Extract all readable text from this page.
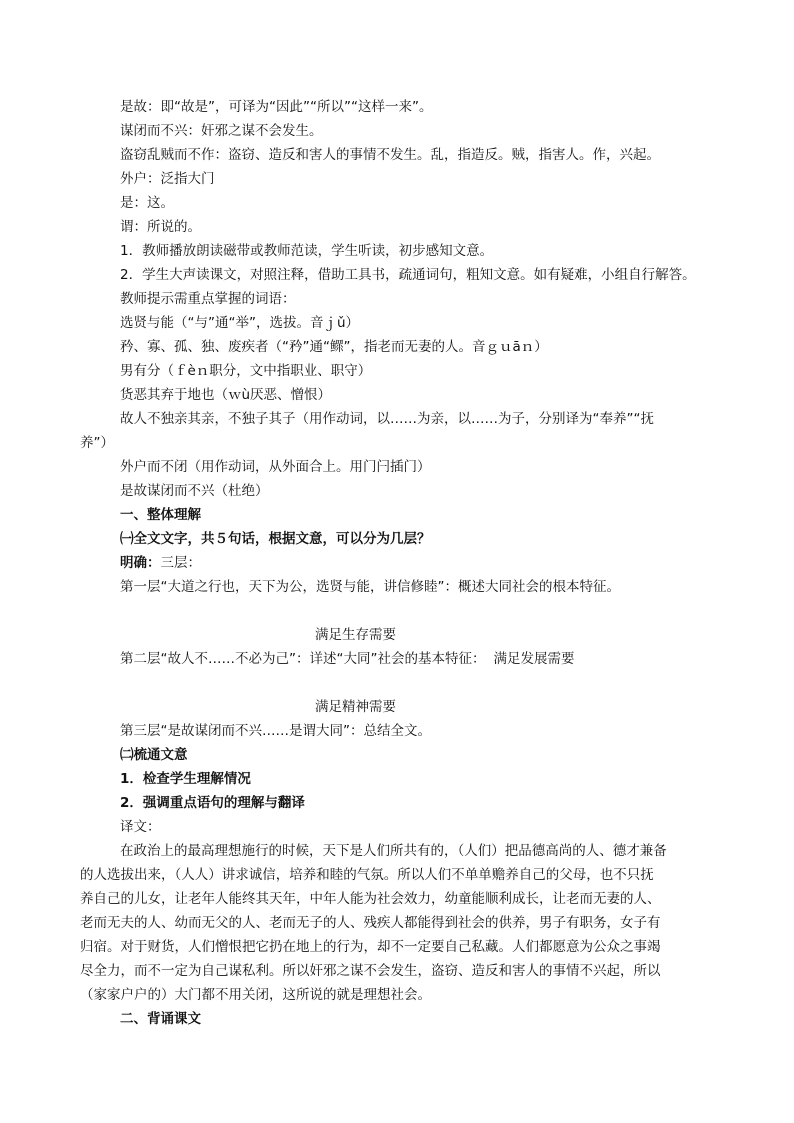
是故：即“故是”，可译为“因此”“所以”“这样一来”。
谋闭而不兴：奸邪之谋不会发生。
盗窃乱贼而不作：盗窃、造反和害人的事情不发生。乱，指造反。贼，指害人。作，兴起。
外户：泛指大门
是：这。
谓：所说的。
1．教师播放朗读磁带或教师范读，学生听读，初步感知文意。
2．学生大声读课文，对照注释，借助工具书，疏通词句，粗知文意。如有疑难，小组自行解答。
教师提示需重点掌握的词语：
选贤与能（“与”通“举”，选拔。音ｊǔ）
矜、寡、孤、独、废疾者（“矜”通“鳏”，指老而无妻的人。音ｇｕāｎ）
男有分（ｆèｎ职分，文中指职业、职守）
货恶其弃于地也（ｗù厌恶、憎恨）
故人不独亲其亲，不独子其子（用作动词，以……为亲，以……为子，分别译为“奉养”“抚
养”）
外户而不闭（用作动词，从外面合上。用门闩插门）
是故谋闭而不兴（杜绝）
一、整体理解
㈠全文文字，共５句话，根据文意，可以分为几层？
明确：三层：
第一层“大道之行也，天下为公，选贤与能，讲信修睦”：概述大同社会的根本特征。
满足生存需要
第二层“故人不……不必为己”：详述“大同”社会的基本特征： 满足发展需要
满足精神需要
第三层“是故谋闭而不兴……是谓大同”：总结全文。
㈡梳通文意
1．检查学生理解情况
2．强调重点语句的理解与翻译
译文：
在政治上的最高理想施行的时候，天下是人们所共有的，（人们）把品德高尚的人、德才兼备
的人选拔出来，（人人）讲求诚信，培养和睦的气氛。所以人们不单单赡养自己的父母，也不只抚
养自己的儿女，让老年人能终其天年，中年人能为社会效力，幼童能顺利成长，让老而无妻的人、
老而无夫的人、幼而无父的人、老而无子的人、残疾人都能得到社会的供养，男子有职务，女子有
归宿。对于财货，人们憎恨把它扔在地上的行为，却不一定要自己私藏。人们都愿意为公众之事竭
尽全力，而不一定为自己谋私利。所以奸邪之谋不会发生，盗窃、造反和害人的事情不兴起，所以
（家家户户的）大门都不用关闭，这所说的就是理想社会。
二、背诵课文
